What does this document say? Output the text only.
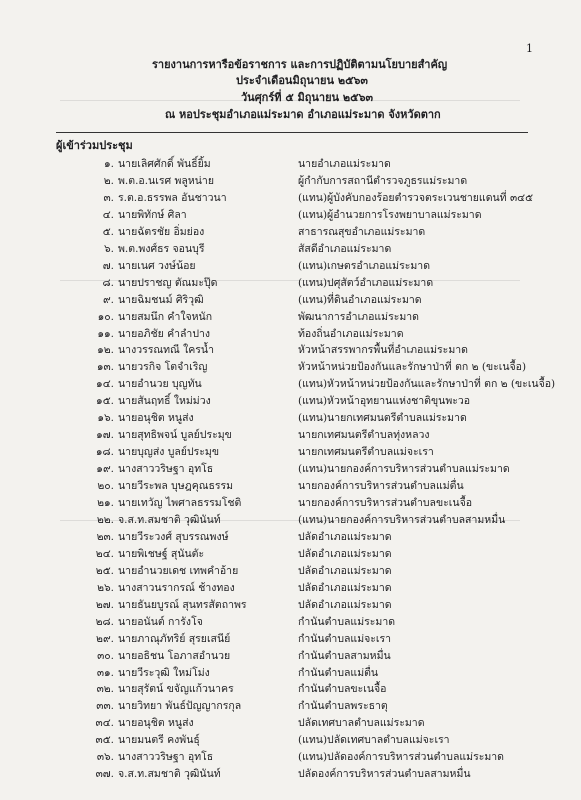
1
รายงานการหารือข้อราชการ และการปฏิบัติตามนโยบายสำคัญ
ประจำเดือนมิถุนายน ๒๕๖๓
วันศุกร์ที่ ๕ มิถุนายน ๒๕๖๓
ณ หอประชุมอำเภอแม่ระมาด อำเภอแม่ระมาด จังหวัดตาก
ผู้เข้าร่วมประชุม
๑. นายเลิศศักดิ์ พันธิ์ยิ้ม	นายอำเภอแม่ระมาด
๒. พ.ต.อ.นเรศ พลูหน่าย	ผู้กำกับการสถานีตำรวจภูธรแม่ระมาด
๓. ร.ต.อ.ธรรพล อันชาวนา	(แทน)ผู้บังคับกองร้อยตำรวจตระเวนชายแดนที่ ๓๔๕
๔. นายพิทักษ์ ศิลา	(แทน)ผู้อำนวยการโรงพยาบาลแม่ระมาด
๕. นายฉัตรชัย อิ่มย่อง	สาธารณสุขอำเภอแม่ระมาด
๖. พ.ต.พงศ์ธร จอนบุรี	สัสดีอำเภอแม่ระมาด
๗. นายเนศ วงษ์น้อย	(แทน)เกษตรอำเภอแม่ระมาด
๘. นายปราชญ ตัณมะปุ๊ด	(แทน)ปศุสัตว์อำเภอแม่ระมาด
๙. นายฉิมชนม์ ศิริวุฒิ	(แทน)ที่ดินอำเภอแม่ระมาด
๑๐. นายสมนึก คำใจหนัก	พัฒนาการอำเภอแม่ระมาด
๑๑. นายอภิชัย คำลำปาง	ท้องถิ่นอำเภอแม่ระมาด
๑๒. นางวรรณทณี ใครน้ำ	หัวหน้าสรรพากรพื้นที่อำเภอแม่ระมาด
๑๓. นายวรกิจ โตจำเริญ	หัวหน้าหน่วยป้องกันและรักษาป่าที่ ตก ๒ (ขะเนจื้อ)
๑๔. นายอำนวย บุญทัน	(แทน)หัวหน้าหน่วยป้องกันและรักษาป่าที่ ตก ๒ (ขะเนจื้อ)
๑๕. นายสันฤทธิ์ ใหม่ม่วง	(แทน)หัวหน้าอุทยานแห่งชาติขุนพะวอ
๑๖. นายอนุชิต หนูส่ง	(แทน)นายกเทศมนตรีตำบลแม่ระมาด
๑๗. นายสุทธิพจน์ บูลย์ประมุข	นายกเทศมนตรีตำบลทุ่งหลวง
๑๘. นายบุญส่ง บูลย์ประมุข	นายกเทศมนตรีตำบลแม่จะเรา
๑๙. นางสาววริษฐา อุทโธ	(แทน)นายกองค์การบริหารส่วนตำบลแม่ระมาด
๒๐. นายวีระพล บุษฎคุณธรรม	นายกองค์การบริหารส่วนตำบลแม่ตื่น
๒๑. นายเทวัญ ไพศาลธรรมโชติ	นายกองค์การบริหารส่วนตำบลขะเนจื้อ
๒๒. จ.ส.ท.สมชาติ วุฒินันท์	(แทน)นายกองค์การบริหารส่วนตำบลสามหมื่น
๒๓. นายวีระวงศ์ สุบรรณพงษ์	ปลัดอำเภอแม่ระมาด
๒๔. นายพิเชษฐ์ สุนันตัะ	ปลัดอำเภอแม่ระมาด
๒๕. นายอำนวยเดช เทพคำอ้าย	ปลัดอำเภอแม่ระมาด
๒๖. นางสาวนรากรณ์ ช้างทอง	ปลัดอำเภอแม่ระมาด
๒๗. นายธันยบูรณ์ สุนทรสัตถาพร	ปลัดอำเภอแม่ระมาด
๒๘. นายอนันต์ การังโจ	กำนันตำบลแม่ระมาด
๒๙. นายภาณุภัทริย์ สุรยเสนีย์	กำนันตำบลแม่จะเรา
๓๐. นายอธิชน โอภาสอำนวย	กำนันตำบลสามหมื่น
๓๑. นายวีระวุฒิ ใหม่โม่ง	กำนันตำบลแม่ตื่น
๓๒. นายสุรัตน์ ขจัญแก้วนาคร	กำนันตำบลขะเนจื้อ
๓๓. นายวิทยา พันธ์ปัญญากรกุล	กำนันตำบลพระธาตุ
๓๔. นายอนุชิต หนูส่ง	ปลัดเทศบาลตำบลแม่ระมาด
๓๕. นายมนตรี คงพันธุ์	(แทน)ปลัดเทศบาลตำบลแม่จะเรา
๓๖. นางสาววริษฐา อุทโธ	(แทน)ปลัดองค์การบริหารส่วนตำบลแม่ระมาด
๓๗. จ.ส.ท.สมชาติ วุฒินันท์	ปลัดองค์การบริหารส่วนตำบลสามหมื่น
